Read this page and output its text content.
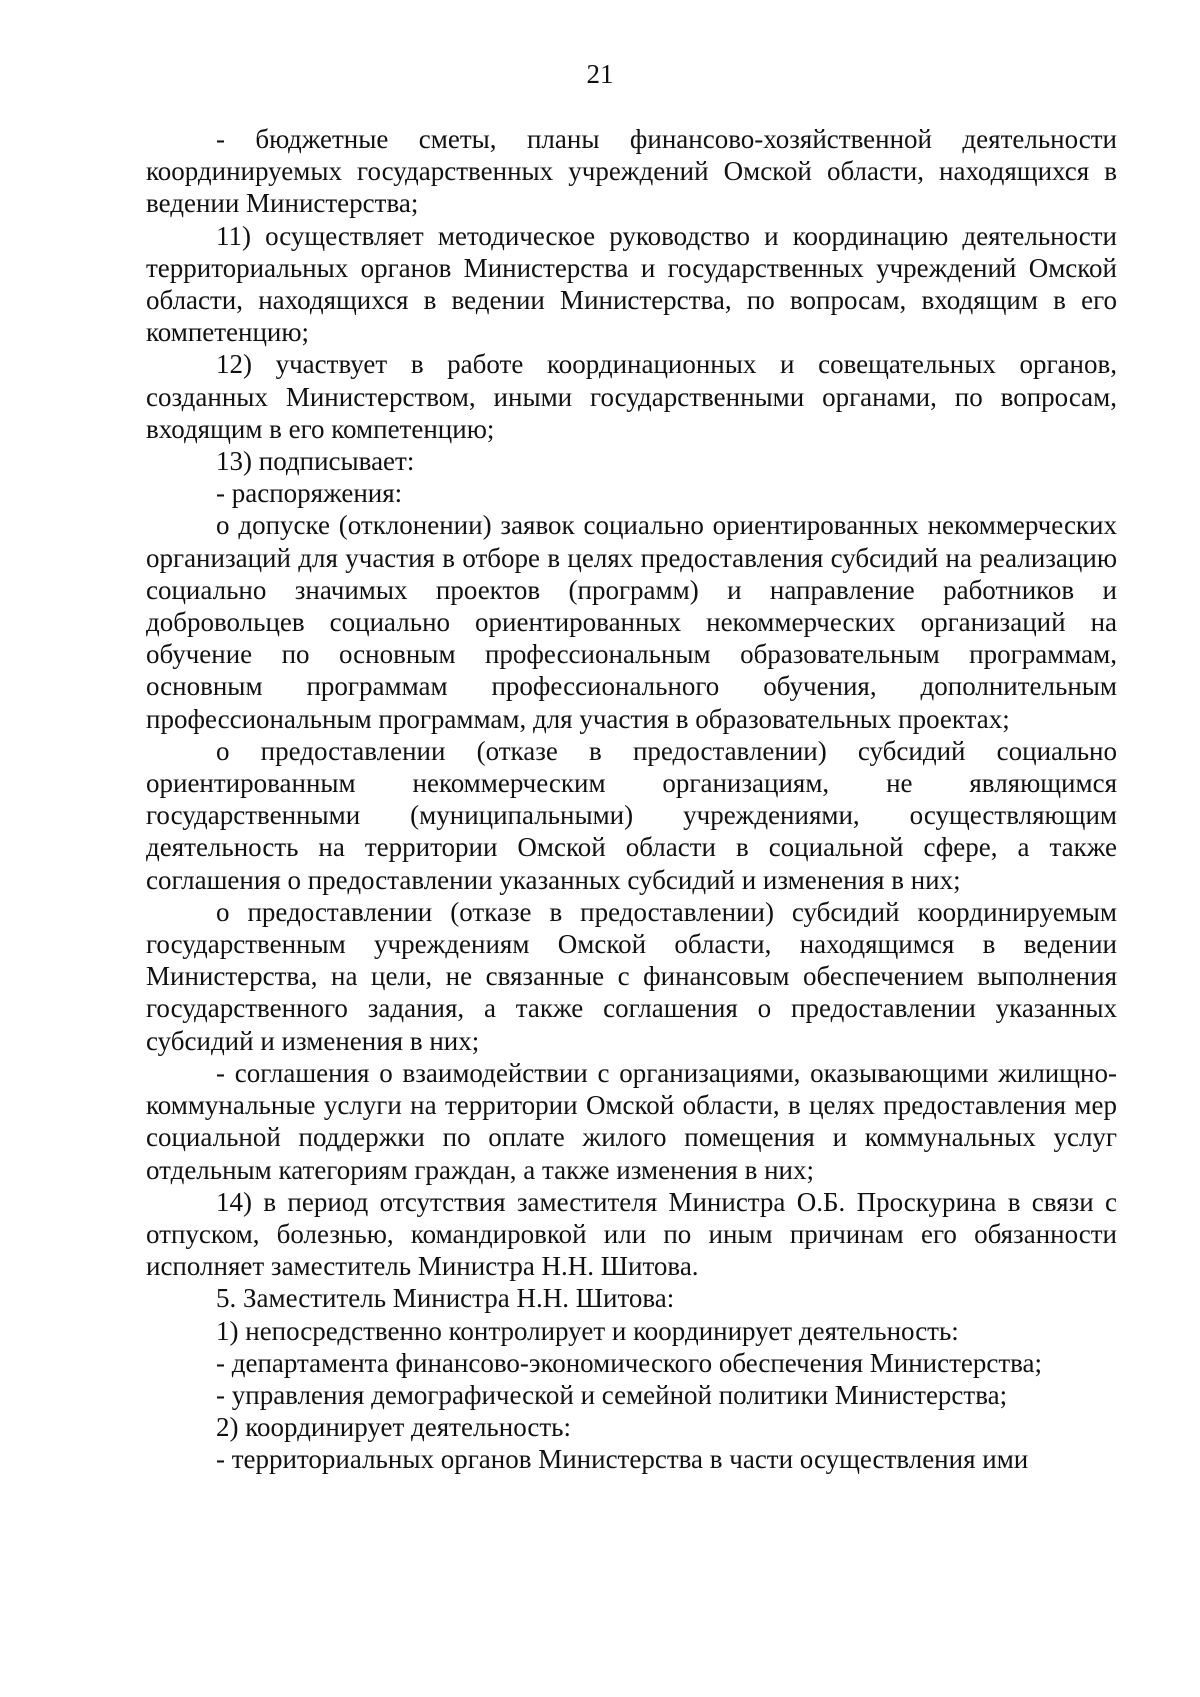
21

- бюджетные сметы, планы финансово-хозяйственной деятельности координируемых государственных учреждений Омской области, находящихся в ведении Министерства;

11) осуществляет методическое руководство и координацию деятельности территориальных органов Министерства и государственных учреждений Омской области, находящихся в ведении Министерства, по вопросам, входящим в его компетенцию;

12) участвует в работе координационных и совещательных органов, созданных Министерством, иными государственными органами, по вопросам, входящим в его компетенцию;

13) подписывает:

- распоряжения:

о допуске (отклонении) заявок социально ориентированных некоммерческих организаций для участия в отборе в целях предоставления субсидий на реализацию социально значимых проектов (программ) и направление работников и добровольцев социально ориентированных некоммерческих организаций на обучение по основным профессиональным образовательным программам, основным программам профессионального обучения, дополнительным профессиональным программам, для участия в образовательных проектах;

о предоставлении (отказе в предоставлении) субсидий социально ориентированным некоммерческим организациям, не являющимся государственными (муниципальными) учреждениями, осуществляющим деятельность на территории Омской области в социальной сфере, а также соглашения о предоставлении указанных субсидий и изменения в них;

о предоставлении (отказе в предоставлении) субсидий координируемым государственным учреждениям Омской области, находящимся в ведении Министерства, на цели, не связанные с финансовым обеспечением выполнения государственного задания, а также соглашения о предоставлении указанных субсидий и изменения в них;

- соглашения о взаимодействии с организациями, оказывающими жилищно-коммунальные услуги на территории Омской области, в целях предоставления мер социальной поддержки по оплате жилого помещения и коммунальных услуг отдельным категориям граждан, а также изменения в них;

14) в период отсутствия заместителя Министра О.Б. Проскурина в связи с отпуском, болезнью, командировкой или по иным причинам его обязанности исполняет заместитель Министра Н.Н. Шитова.

5. Заместитель Министра Н.Н. Шитова:

1) непосредственно контролирует и координирует деятельность:

- департамента финансово-экономического обеспечения Министерства;

- управления демографической и семейной политики Министерства;

2) координирует деятельность:

- территориальных органов Министерства в части осуществления ими
